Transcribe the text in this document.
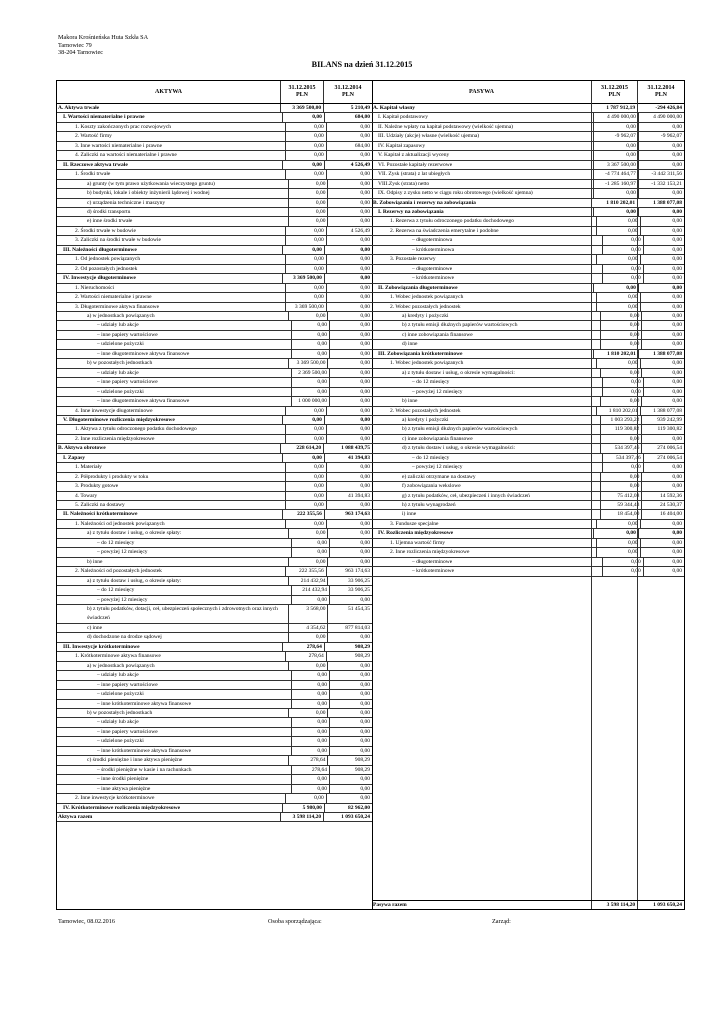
Makora Krośnieńska Huta Szkła SA
Tarnowiec 79
38-204 Tarnowiec
BILANS na dzień 31.12.2015
AKTYWA
31.12.2015
PLN
31.12.2014
PLN
A. Aktywa trwałe	3 369 500,00	5 210,49
I. Wartości niematerialne i prawne	0,00	684,00
1. Koszty zakończonych prac rozwojowych	0,00	0,00
2. Wartość firmy	0,00	0,00
3. Inne wartości niematerialne i prawne	0,00	684,00
4. Zaliczki na wartości niematerialne i prawne	0,00	0,00
II. Rzeczowe aktywa trwałe	0,00	4 526,49
1. Środki trwałe	0,00	0,00
a) grunty (w tym prawo użytkowania wieczystego gruntu)	0,00	0,00
b) budynki, lokale i obiekty inżynierii lądowej i wodnej	0,00	0,00
c) urządzenia techniczne i maszyny	0,00	0,00
d) środki transportu	0,00	0,00
e) inne środki trwałe	0,00	0,00
2. Środki trwałe w budowie	0,00	4 526,49
3. Zaliczki na środki trwałe w budowie	0,00	0,00
III. Należności długoterminowe	0,00	0,00
1. Od jednostek powiązanych	0,00	0,00
2. Od pozostałych jednostek	0,00	0,00
IV. Inwestycje długoterminowe	3 369 500,00	0,00
1. Nieruchomości	0,00	0,00
2. Wartości niematerialne i prawne	0,00	0,00
3. Długoterminowe aktywa finansowe	3 369 500,00	0,00
a) w jednostkach powiązanych	0,00	0,00
– udziały lub akcje	0,00	0,00
– inne papiery wartościowe	0,00	0,00
– udzielone pożyczki	0,00	0,00
– inne długoterminowe aktywa finansowe	0,00	0,00
b) w pozostałych jednostkach	3 369 500,00	0,00
– udziały lub akcje	2 369 500,00	0,00
– inne papiery wartościowe	0,00	0,00
– udzielone pożyczki	0,00	0,00
– inne długoterminowe aktywa finansowe	1 000 000,00	0,00
4. Inne inwestycje długoterminowe	0,00	0,00
V. Długoterminowe rozliczenia międzyokresowe	0,00	0,00
1. Aktywa z tytułu odroczonego podatku dochodowego	0,00	0,00
2. Inne rozliczenia międzyokresowe	0,00	0,00
B. Aktywa obrotowe	228 614,20	1 088 439,75
I. Zapasy	0,00	41 394,83
1. Materiały	0,00	0,00
2. Półprodukty i produkty w toku	0,00	0,00
3. Produkty gotowe	0,00	0,00
4. Towary	0,00	41 394,83
5. Zaliczki na dostawy	0,00	0,00
II. Należności krótkoterminowe	222 355,56	963 174,63
1. Należności od jednostek powiązanych	0,00	0,00
a) z tytułu dostaw i usług, o okresie spłaty:	0,00	0,00
– do 12 miesięcy	0,00	0,00
– powyżej 12 miesięcy	0,00	0,00
b) inne	0,00	0,00
2. Należności od pozostałych jednostek	222 355,56	963 174,63
a) z tytułu dostaw i usług, o okresie spłaty:	214 432,94	33 906,25
– do 12 miesięcy	214 432,94	33 906,25
– powyżej 12 miesięcy	0,00	0,00
b) z tytułu podatków, dotacji, ceł, ubezpieczeń społecznych i zdrowotnych oraz innych świadczeń
3 568,00	51 454,35
c) inne	4 354,62	877 814,03
d) dochodzone na drodze sądowej	0,00	0,00
III. Inwestycje krótkoterminowe	278,64	908,29
1. Krótkoterminowe aktywa finansowe	278,64	908,29
a) w jednostkach powiązanych	0,00	0,00
– udziały lub akcje	0,00	0,00
– inne papiery wartościowe	0,00	0,00
– udzielone pożyczki	0,00	0,00
– inne krótkoterminowe aktywa finansowe	0,00	0,00
b) w pozostałych jednostkach	0,00	0,00
– udziały lub akcje	0,00	0,00
– inne papiery wartościowe	0,00	0,00
– udzielone pożyczki	0,00	0,00
– inne krótkoterminowe aktywa finansowe	0,00	0,00
c) środki pieniężne i inne aktywa pieniężne	278,64	908,29
– środki pieniężne w kasie i na rachunkach	278,64	908,29
– inne środki pieniężne	0,00	0,00
– inne aktywa pieniężne	0,00	0,00
2. Inne inwestycje krótkoterminowe	0,00	0,00
IV. Krótkoterminowe rozliczenia międzyokresowe	5 980,00	82 962,00
Aktywa razem	3 598 114,20	1 093 650,24
PASYWA
31.12.2015
PLN
31.12.2014
PLN
A. Kapitał własny	1 787 912,19	-294 426,84
I. Kapitał podstawowy	4 490 000,00	4 490 000,00
II. Należne wpłaty na kapitał podstawowy (wielkość ujemna)	0,00	0,00
III. Udziały (akcje) własne (wielkość ujemna)	-9 962,07	-9 962,07
IV. Kapitał zapasowy	0,00	0,00
V. Kapitał z aktualizacji wyceny	0,00	0,00
VI. Pozostałe kapitały rezerwowe	3 367 500,00	0,00
VII. Zysk (strata) z lat ubiegłych	-4 774 464,77	-3 442 311,56
VIII.Zysk (strata) netto	-1 285 160,97	-1 332 153,21
IX. Odpisy z zysku netto w ciągu roku obrotowego (wielkość ujemna)	0,00	0,00
B. Zobowiązania i rezerwy na zobowiązania	1 810 202,01	1 388 077,08
I. Rezerwy na zobowiązania	0,00	0,00
1. Rezerwa z tytułu odroczonego podatku dochodowego	0,00	0,00
2. Rezerwa na świadczenia emerytalne i podobne	0,00	0,00
– długoterminowa	0,00	0,00
– krótkoterminowa	0,00	0,00
3. Pozostałe rezerwy	0,00	0,00
– długoterminowe	0,00	0,00
– krótkoterminowe	0,00	0,00
II. Zobowiązania długoterminowe	0,00	0,00
1. Wobec jednostek powiązanych	0,00	0,00
2. Wobec pozostałych jednostek	0,00	0,00
a) kredyty i pożyczki	0,00	0,00
b) z tytułu emisji dłużnych papierów wartościowych	0,00	0,00
c) inne zobowiązania finansowe	0,00	0,00
d) inne	0,00	0,00
III. Zobowiązania krótkoterminowe	1 810 202,01	1 388 077,08
1. Wobec jednostek powiązanych	0,00	0,00
a) z tytułu dostaw i usług, o okresie wymagalności:	0,00	0,00
– do 12 miesięcy	0,00	0,00
– powyżej 12 miesięcy	0,00	0,00
b) inne	0,00	0,00
2. Wobec pozostałych jednostek	1 810 202,01	1 388 077,08
a) kredyty i pożyczki	1 003 293,22	939 242,99
b) z tytułu emisji dłużnych papierów wartościowych	119 300,82	119 300,82
c) inne zobowiązania finansowe	0,00	0,00
d) z tytułu dostaw i usług, o okresie wymagalności:	534 397,46	274 006,54
– do 12 miesięcy	534 397,46	274 006,54
– powyżej 12 miesięcy	0,00	0,00
e) zaliczki otrzymane na dostawy	0,00	0,00
f) zobowiązania wekslowe	0,00	0,00
g) z tytułu podatków, ceł, ubezpieczeń i innych świadczeń	75 412,08	14 592,36
h) z tytułu wynagrodzeń	59 344,43	24 530,37
i) inne	18 454,00	16 404,00
3. Fundusze specjalne	0,00	0,00
IV. Rozliczenia międzyokresowe	0,00	0,00
1. Ujemna wartość firmy	0,00	0,00
2. Inne rozliczenia międzyokresowe	0,00	0,00
– długoterminowe	0,00	0,00
– krótkoterminowe	0,00	0,00
Pasywa razem	3 598 114,20	1 093 650,24
Tarnowiec, 08.02.2016	Osoba sporządzająca:	Zarząd:
